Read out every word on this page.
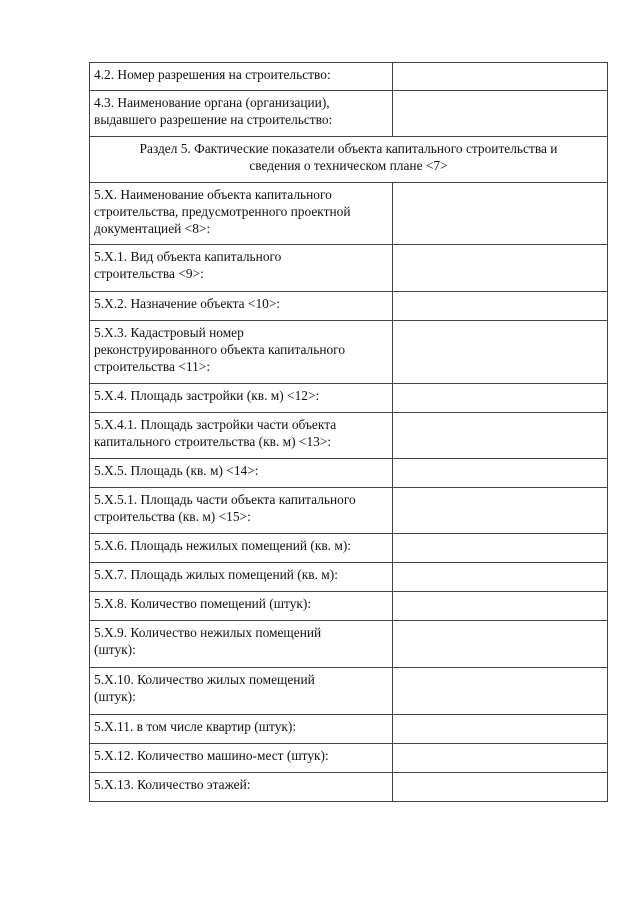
4.2. Номер разрешения на строительство:	

4.3. Наименование органа (организации),
выдавшего разрешение на строительство:	

Раздел 5. Фактические показатели объекта капитального строительства и
сведения о техническом плане <7>	

5.X. Наименование объекта капитального
строительства, предусмотренного проектной
документацией <8>:	

5.X.1. Вид объекта капитального
строительства <9>:	

5.X.2. Назначение объекта <10>:	

5.X.3. Кадастровый номер
реконструированного объекта капитального
строительства <11>:	

5.X.4. Площадь застройки (кв. м) <12>:	

5.X.4.1. Площадь застройки части объекта
капитального строительства (кв. м) <13>:	

5.X.5. Площадь (кв. м) <14>:	

5.X.5.1. Площадь части объекта капитального
строительства (кв. м) <15>:	

5.X.6. Площадь нежилых помещений (кв. м):	

5.X.7. Площадь жилых помещений (кв. м):	

5.X.8. Количество помещений (штук):	

5.X.9. Количество нежилых помещений
(штук):	

5.X.10. Количество жилых помещений
(штук):	

5.X.11. в том числе квартир (штук):	

5.X.12. Количество машино-мест (штук):	

5.X.13. Количество этажей:	
